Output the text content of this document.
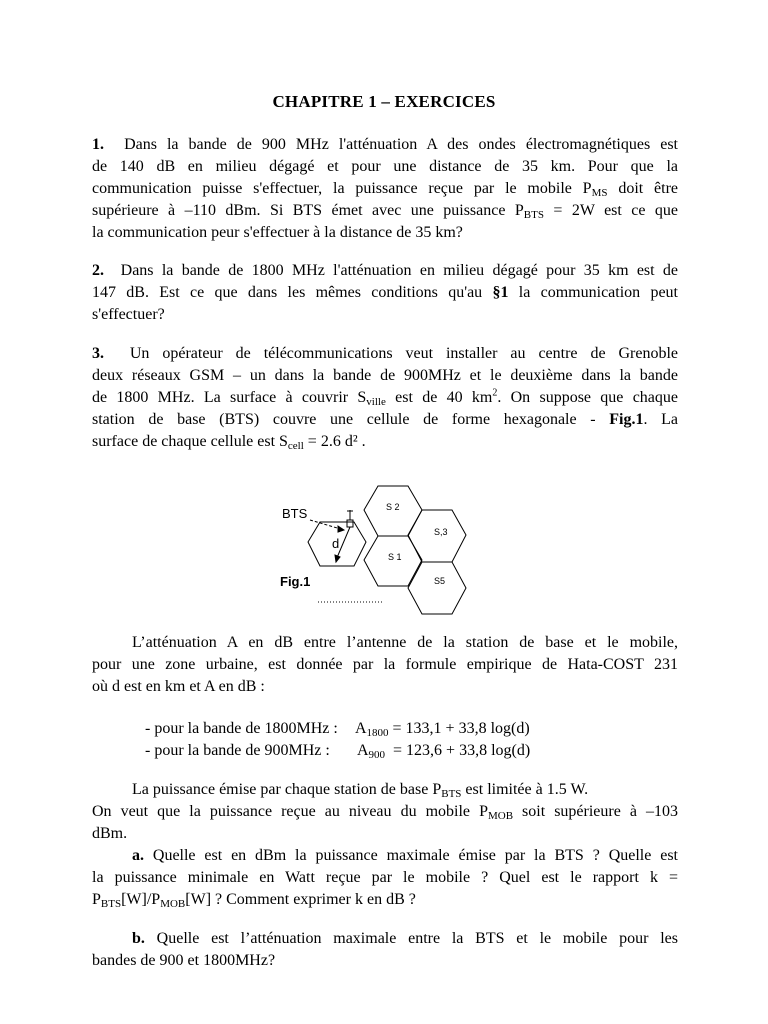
CHAPITRE 1 – EXERCICES
1. Dans la bande de 900 MHz l'atténuation A des ondes électromagnétiques est
de 140 dB en milieu dégagé et pour une distance de 35 km. Pour que la
communication puisse s'effectuer, la puissance reçue par le mobile $P_{MS}$ doit être
supérieure à –110 dBm. Si BTS émet avec une puissance $P_{BTS} = 2W$ est ce que
la communication peur s'effectuer à la distance de 35 km?
2. Dans la bande de 1800 MHz l'atténuation en milieu dégagé pour 35 km est de
147 dB. Est ce que dans les mêmes conditions qu'au §1 la communication peut
s'effectuer?
3. Un opérateur de télécommunications veut installer au centre de Grenoble
deux réseaux GSM – un dans la bande de 900MHz et le deuxième dans la bande
de 1800 MHz. La surface à couvrir $S_{ville}$ est de 40 $km^2$. On suppose que chaque
station de base (BTS) couvre une cellule de forme hexagonale - Fig.1. La
surface de chaque cellule est $S_{cell} = 2.6$ d² .
BTS
d
S 2
S,3
S 1
S5
Fig.1
L’atténuation A en dB entre l’antenne de la station de base et le mobile,
pour une zone urbaine, est donnée par la formule empirique de Hata-COST 231
où d est en km et A en dB :
- pour la bande de 1800MHz : $A_{1800} = 133,1 + 33,8$ log(d)
- pour la bande de 900MHz : $A_{900} = 123,6 + 33,8$ log(d)
La puissance émise par chaque station de base $P_{BTS}$ est limitée à 1.5 W.
On veut que la puissance reçue au niveau du mobile $P_{MOB}$ soit supérieure à –103
dBm.
a. Quelle est en dBm la puissance maximale émise par la BTS ? Quelle est
la puissance minimale en Watt reçue par le mobile ? Quel est le rapport k =
$P_{BTS}[W]/P_{MOB}[W]$ ? Comment exprimer k en dB ?
b. Quelle est l’atténuation maximale entre la BTS et le mobile pour les
bandes de 900 et 1800MHz?
